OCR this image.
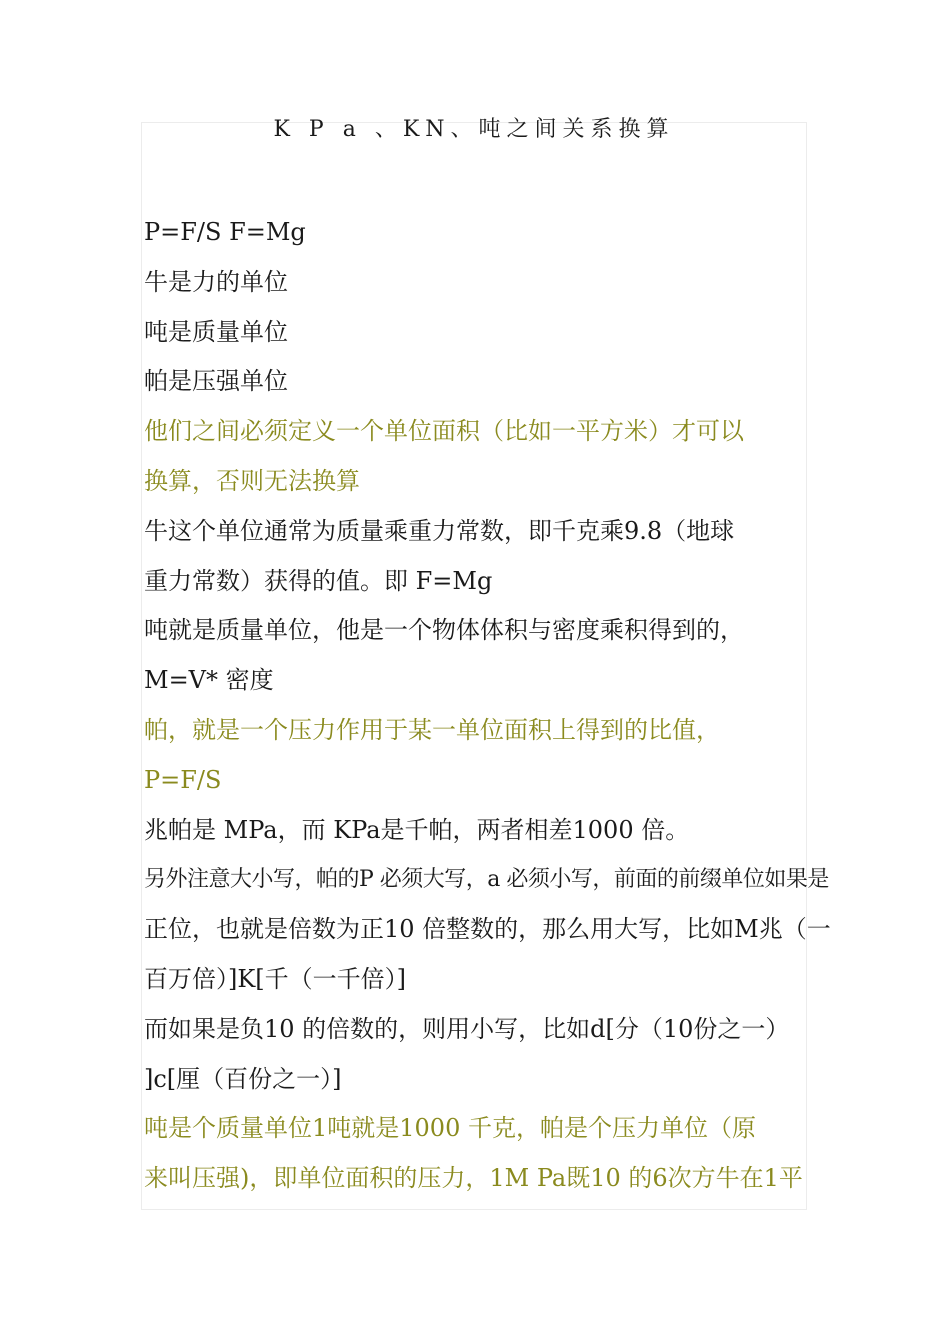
K P a 、KN、吨之间关系换算
P=F/S F=Mg
牛是力的单位
吨是质量单位
帕是压强单位
他们之间必须定义一个单位面积（比如一平方米）才可以
换算，否则无法换算
牛这个单位通常为质量乘重力常数，即千克乘9.8（地球
重力常数）获得的值。即 F=Mg
吨就是质量单位，他是一个物体体积与密度乘积得到的，
M=V* 密度
帕，就是一个压力作用于某一单位面积上得到的比值，
P=F/S
兆帕是 MPa，而 KPa是千帕，两者相差1000 倍。
另外注意大小写，帕的P 必须大写，a 必须小写，前面的前缀单位如果是
正位，也就是倍数为正10 倍整数的，那么用大写，比如M兆（一
百万倍）]K[千（一千倍）]
而如果是负10 的倍数的，则用小写，比如d[分（10份之一）
]c[厘（百份之一）]
吨是个质量单位1吨就是1000 千克，帕是个压力单位（原
来叫压强)，即单位面积的压力，1M Pa既10 的6次方牛在1平
